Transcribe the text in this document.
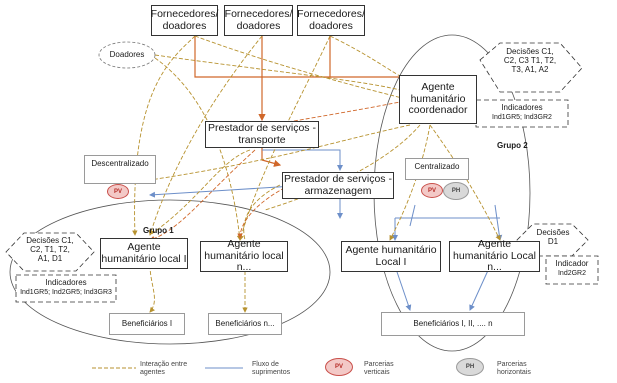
Fornecedores/ doadores
Fornecedores/ doadores
Fornecedores/ doadores
Doadores
Prestador de serviços - transporte
Prestador de serviços - armazenagem
Agente humanitário coordenador
Descentralizado
PV
Centralizado
PV	PH
Grupo 1
Grupo 2
Agente humanitário local I
Agente humanitário local n...
Agente humanitário Local I
Agente humanitário Local n...
Beneficiários I	Beneficiários n...	Beneficiários I, II, .... n
Decisões C1, C2, C3 T1, T2, T3, A1, A2
Indicadores
Ind1GR5; Ind3GR2
Decisões C1, C2, T1, T2, A1, D1
Indicadores
Ind1GR5; Ind2GR5; Ind3GR3
Decisões D1
Indicador
Ind2GR2
Interação entre agentes
Fluxo de suprimentos
PV	Parcerias verticais
PH	Parcerias horizontais
